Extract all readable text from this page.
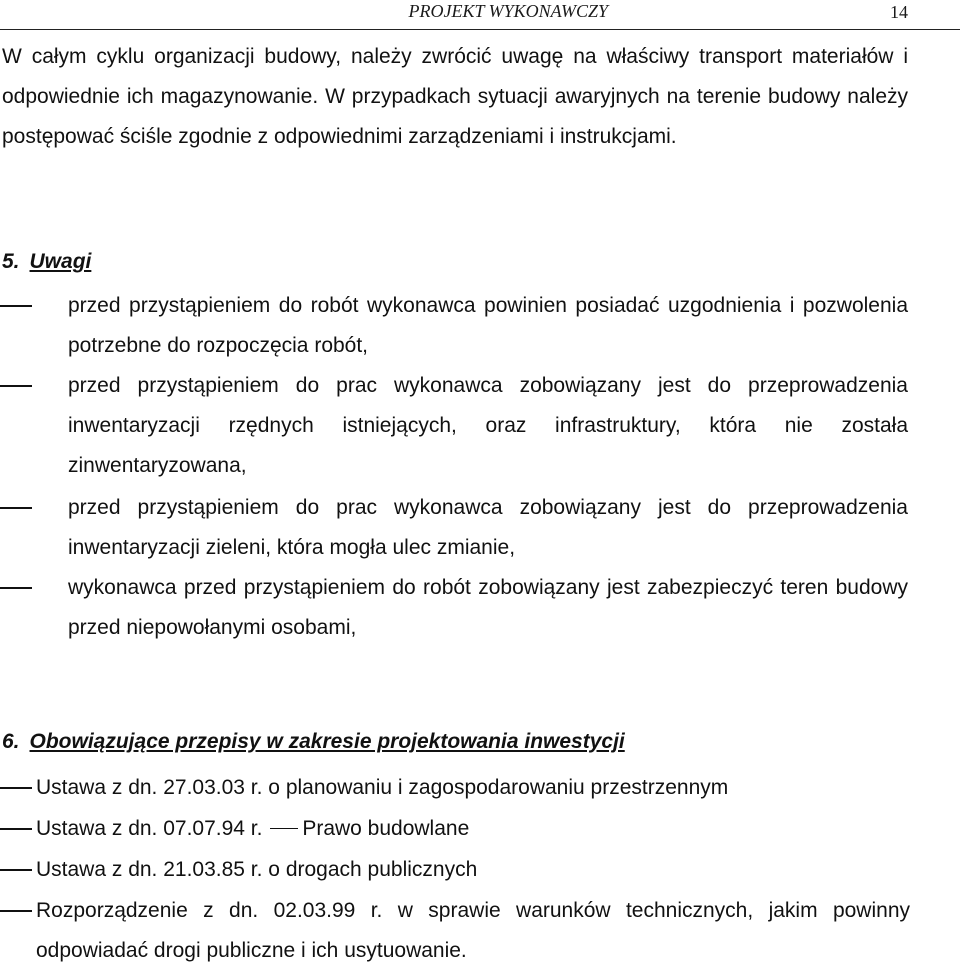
PROJEKT WYKONAWCZY	14
W całym cyklu organizacji budowy, należy zwrócić uwagę na właściwy transport materiałów i odpowiednie ich magazynowanie. W przypadkach sytuacji awaryjnych na terenie budowy należy postępować ściśle zgodnie z odpowiednimi zarządzeniami i instrukcjami.
5. Uwagi
przed przystąpieniem do robót wykonawca powinien posiadać uzgodnienia i pozwolenia potrzebne do rozpoczęcia robót,
przed przystąpieniem do prac wykonawca zobowiązany jest do przeprowadzenia inwentaryzacji rzędnych istniejących, oraz infrastruktury, która nie została zinwentaryzowana,
przed przystąpieniem do prac wykonawca zobowiązany jest do przeprowadzenia inwentaryzacji zieleni, która mogła ulec zmianie,
wykonawca przed przystąpieniem do robót zobowiązany jest zabezpieczyć teren budowy przed niepowołanymi osobami,
6. Obowiązujące przepisy w zakresie projektowania inwestycji
Ustawa z dn. 27.03.03 r. o planowaniu i zagospodarowaniu przestrzennym
Ustawa z dn. 07.07.94 r. Prawo budowlane
Ustawa z dn. 21.03.85 r. o drogach publicznych
Rozporządzenie z dn. 02.03.99 r. w sprawie warunków technicznych, jakim powinny odpowiadać drogi publiczne i ich usytuowanie.
